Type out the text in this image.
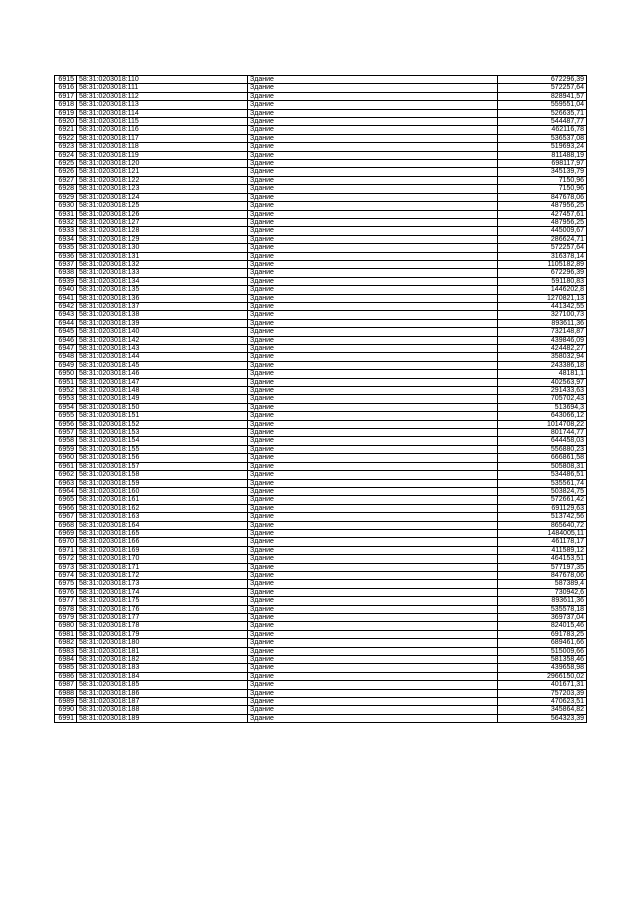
6915	58:31:0203018:110	Здание	672296,39
6916	58:31:0203018:111	Здание	572257,64
6917	58:31:0203018:112	Здание	828941,57
6918	58:31:0203018:113	Здание	559551,04
6919	58:31:0203018:114	Здание	526635,71
6920	58:31:0203018:115	Здание	544487,77
6921	58:31:0203018:116	Здание	462116,78
6922	58:31:0203018:117	Здание	536537,08
6923	58:31:0203018:118	Здание	519693,24
6924	58:31:0203018:119	Здание	811488,19
6925	58:31:0203018:120	Здание	698117,97
6926	58:31:0203018:121	Здание	345139,79
6927	58:31:0203018:122	Здание	7150,96
6928	58:31:0203018:123	Здание	7150,96
6929	58:31:0203018:124	Здание	847678,06
6930	58:31:0203018:125	Здание	487956,25
6931	58:31:0203018:126	Здание	427457,61
6932	58:31:0203018:127	Здание	487956,25
6933	58:31:0203018:128	Здание	445009,67
6934	58:31:0203018:129	Здание	286624,71
6935	58:31:0203018:130	Здание	572257,64
6936	58:31:0203018:131	Здание	316378,14
6937	58:31:0203018:132	Здание	1105182,89
6938	58:31:0203018:133	Здание	672296,39
6939	58:31:0203018:134	Здание	591180,83
6940	58:31:0203018:135	Здание	1446202,8
6941	58:31:0203018:136	Здание	1270821,13
6942	58:31:0203018:137	Здание	441342,55
6943	58:31:0203018:138	Здание	327100,73
6944	58:31:0203018:139	Здание	893611,36
6945	58:31:0203018:140	Здание	732148,87
6946	58:31:0203018:142	Здание	439846,09
6947	58:31:0203018:143	Здание	424482,27
6948	58:31:0203018:144	Здание	358032,94
6949	58:31:0203018:145	Здание	243386,18
6950	58:31:0203018:146	Здание	48181,1
6951	58:31:0203018:147	Здание	402563,97
6952	58:31:0203018:148	Здание	291433,63
6953	58:31:0203018:149	Здание	705702,43
6954	58:31:0203018:150	Здание	513694,3
6955	58:31:0203018:151	Здание	643066,12
6956	58:31:0203018:152	Здание	1014708,22
6957	58:31:0203018:153	Здание	801744,77
6958	58:31:0203018:154	Здание	644458,03
6959	58:31:0203018:155	Здание	556880,23
6960	58:31:0203018:156	Здание	666861,58
6961	58:31:0203018:157	Здание	505808,31
6962	58:31:0203018:158	Здание	534486,51
6963	58:31:0203018:159	Здание	535561,74
6964	58:31:0203018:160	Здание	503824,75
6965	58:31:0203018:161	Здание	572661,42
6966	58:31:0203018:162	Здание	691129,63
6967	58:31:0203018:163	Здание	513742,56
6968	58:31:0203018:164	Здание	865640,72
6969	58:31:0203018:165	Здание	1484005,11
6970	58:31:0203018:166	Здание	461178,17
6971	58:31:0203018:169	Здание	411589,12
6972	58:31:0203018:170	Здание	464153,51
6973	58:31:0203018:171	Здание	577197,35
6974	58:31:0203018:172	Здание	847678,06
6975	58:31:0203018:173	Здание	587389,4
6976	58:31:0203018:174	Здание	730942,6
6977	58:31:0203018:175	Здание	893611,36
6978	58:31:0203018:176	Здание	535578,18
6979	58:31:0203018:177	Здание	369737,04
6980	58:31:0203018:178	Здание	824015,46
6981	58:31:0203018:179	Здание	691783,25
6982	58:31:0203018:180	Здание	689461,66
6983	58:31:0203018:181	Здание	515009,66
6984	58:31:0203018:182	Здание	581358,46
6985	58:31:0203018:183	Здание	439658,98
6986	58:31:0203018:184	Здание	2966150,02
6987	58:31:0203018:185	Здание	401671,31
6988	58:31:0203018:186	Здание	757203,39
6989	58:31:0203018:187	Здание	470623,51
6990	58:31:0203018:188	Здание	345864,82
6991	58:31:0203018:189	Здание	564323,39
